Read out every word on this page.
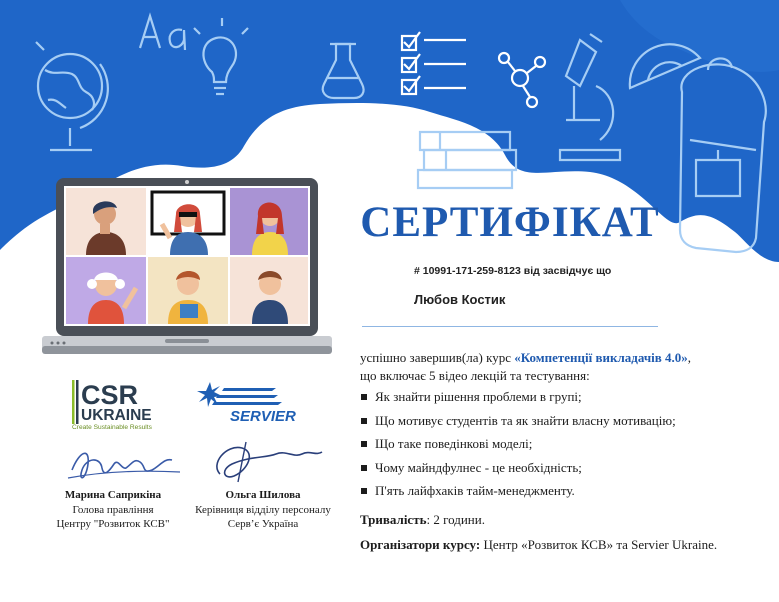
СЕРТИФІКАТ
# 10991-171-259-8123 від засвідчує що
Любов Костик
успішно завершив(ла) курс «Компетенції викладачів 4.0»,
що включає 5 відео лекцій та тестування:
Як знайти рішення проблеми в групі;
Що мотивує студентів та як знайти власну мотивацію;
Що таке поведінкові моделі;
Чому майндфулнес - це необхідність;
П'ять лайфхаків тайм-менеджменту.
Тривалість: 2 години.
Організатори курсу: Центр «Розвиток КСВ» та Servier Ukraine.
CSR
UKRAINE
Create Sustainable Results
SERVIER
Марина Саприкіна
Голова правління
Центру "Розвиток КСВ"
Ольга Шилова
Керівниця відділу персоналу
Серв’є Україна
